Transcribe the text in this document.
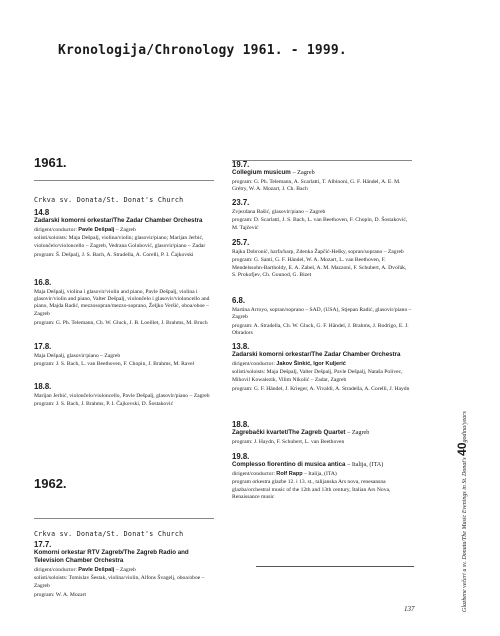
Kronologija/Chronology 1961. - 1999.
1961.
Crkva sv. Donata/St. Donat's Church
14.8
Zadarski komorni orkestar/The Zadar Chamber Orchestra
dirigent/conductor: Pavle Dešpalj – Zagreb
solisti/soloists: Maja Dešpalj, violina/violin; glasovir/piano; Marijan Jerbić, violončelo/violoncello – Zagreb, Vedrana Golubović, glasovir/piano – Zadar
program: Š. Dešpalj, J. S. Bach, A. Stradella, A. Corelli, P. I. Čajkovski
16.8.
Maja Dešpalj, violina i glasovir/violin and piano, Pavle Dešpalj, violina i glasovir/violin and piano, Valter Dešpalj, violončelo i glasovir/violoncello and piano, Majda Radić, mezzosopran/mezzo-soprano, Željko Veršić, oboa/oboe – Zagreb
program: G. Ph. Telemann, Ch. W. Gluck, J. B. Loeillet, J. Brahms, M. Bruch
17.8.
Maja Dešpalj, glasovir/piano – Zagreb
program: J. S. Bach, L. van Beethoven, F. Chopin, J. Brahms, M. Ravel
18.8.
Marijan Jerbić, violončelo/violoncello, Pavle Dešpalj, glasovir/piano – Zagreb
program: J. S. Bach, J. Brahms, P. I. Čajkovski, D. Šostaković
1962.
Crkva sv. Donata/St. Donat's Church
17.7.
Komorni orkestar RTV Zagreb/The Zagreb Radio and Television Chamber Orchestra
dirigent/conductor: Pavle Dešpalj – Zagreb
solisti/soloists: Tomislav Šestak, violina/violin, Alfons Švagelj, oboa/oboe – Zagreb
program: W. A. Mozart
19.7.
Collegium musicum – Zagreb
program: G. Ph. Telemann, A. Scarlatti, T. Albinoni, G. F. Händel, A. E. M. Grétry, W. A. Mozart, J. Ch. Bach
23.7.
Zvjezdana Bašić, glasovir/piano – Zagreb
program: D. Scarlatti, J. S. Bach, L. van Beethoven, F. Chopin, D. Šostaković, M. Tajčević
25.7.
Rajka Dobronić, harfa/harp, Zdenka Žapčić-Hešky, sopran/soprano – Zagreb
program: G. Santi, G. F. Händel, W. A. Mozart, L. van Beethoven, F. Mendelssohn-Bartholdy, E. A. Zabel, A. M. Mazzoni, F. Schubert, A. Dvořák, S. Prokofjev, Ch. Gounod, G. Bizet
6.8.
Martina Arroyo, sopran/soprano – SAD, (USA), Stjepan Radić, glasovir/piano – Zagreb
program: A. Stradella, Ch. W. Gluck, G. F. Händel, J. Brahms, J. Rodrigo, E. J. Obradors
13.8.
Zadarski komorni orkestar/The Zadar Chamber Orchestra
dirigent/conductor: Jakov Šinkić, Igor Kuljerić
solisti/soloists: Maja Dešpalj, Valter Dešpalj, Pavle Dešpalj, Nataša Polivec, Mihovil Kowalezik, Vilim Nikolić – Zadar, Zagreb
program: G. F. Händel, J. Krieger, A. Vivaldi, A. Stradella, A. Corelli, J. Haydn
18.8.
Zagrebački kvartet/The Zagreb Quartet – Zagreb
program: J. Haydn, F. Schubert, L. van Beethoven
19.8.
Complesso fiorentino di musica antica – Italija, (ITA)
dirigent/conductor: Rolf Rapp – Italija, (ITA)
program orkestra glazbe 12. i 13. st., talijanska Ars nova, renesansna glazba/orchestral music of the 12th and 13th century, Italian Ars Nova, Renaissance music
137	Glazbene večeri u sv. Donatu/The Music Evenings in St. Donat's 40godina/years
